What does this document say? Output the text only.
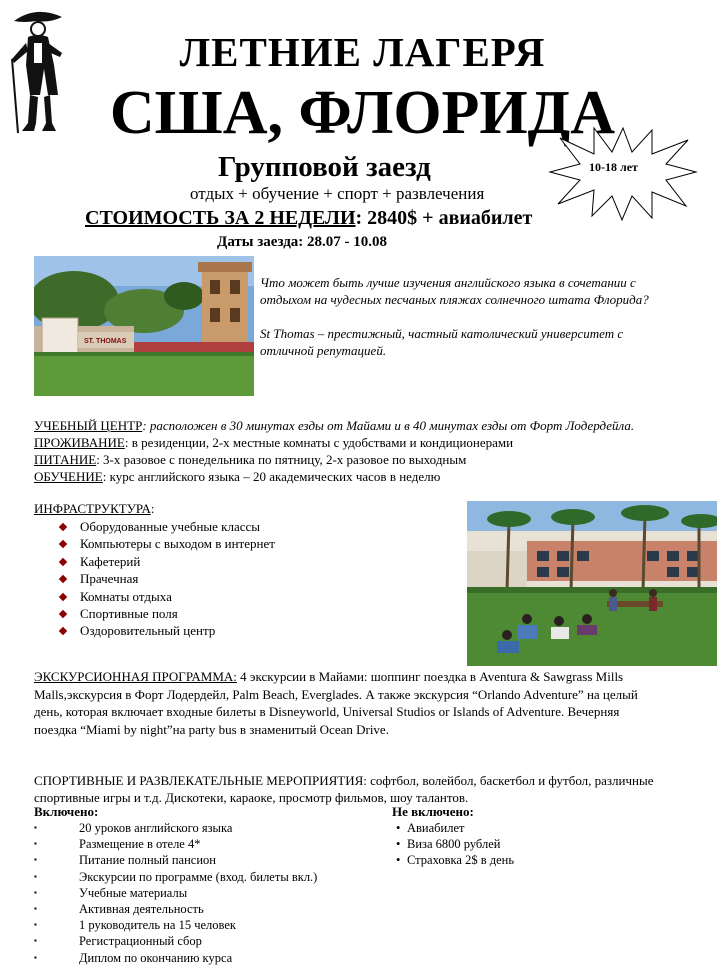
ЛЕТНИЕ ЛАГЕРЯ
США, ФЛОРИДА
Групповой заезд
отдых + обучение + спорт + развлечения
СТОИМОСТЬ ЗА 2 НЕДЕЛИ: 2840$ + авиабилет
Даты заезда: 28.07 - 10.08
10-18 лет
ST. THOMAS

Что может быть лучше изучения английского языка в сочетании с отдыхом на чудесных песчаных пляжах солнечного штата Флорида?

St Thomas – престижный, частный католический университет с отличной репутацией.

УЧЕБНЫЙ ЦЕНТР: расположен в 30 минутах езды от Майами и в 40 минутах езды от Форт Лодердейла.
ПРОЖИВАНИЕ: в резиденции, 2-х местные комнаты с удобствами и кондиционерами
ПИТАНИЕ: 3-х разовое с понедельника по пятницу, 2-х разовое по выходным
ОБУЧЕНИЕ: курс английского языка – 20 академических часов в неделю
ИНФРАСТРУКТУРА:
Оборудованные учебные классы
Компьютеры с выходом в интернет
Кафетерий
Прачечная
Комнаты отдыха
Спортивные поля
Оздоровительный центр
ЭКСКУРСИОННАЯ ПРОГРАММА: 4 экскурсии в Майами: шоппинг поездка в Aventura & Sawgrass Mills Malls,экскурсия в Форт Лодердейл, Palm Beach, Everglades. А также экскурсия “Orlando Adventure” на целый день, которая включает входные билеты в Disneyworld, Universal Studios or Islands of Adventure. Вечерняя поездка “Miami by night”на party bus в знаменитый Ocean Drive.
СПОРТИВНЫЕ И РАЗВЛЕКАТЕЛЬНЫЕ МЕРОПРИЯТИЯ: софтбол, волейбол, баскетбол и футбол, различные спортивные игры и т.д. Дискотеки, караоке, просмотр фильмов, шоу талантов.
Включено:	Не включено:
▪ 20 уроков английского языка
▪ Размещение в отеле 4*
▪ Питание полный пансион
▪ Экскурсии по программе (вход. билеты вкл.)
▪ Учебные материалы
▪ Активная деятельность
▪ 1 руководитель на 15 человек
▪ Регистрационный сбор
▪ Диплом по окончанию курса
• Авиабилет
• Виза 6800 рублей
• Страховка 2$ в день
